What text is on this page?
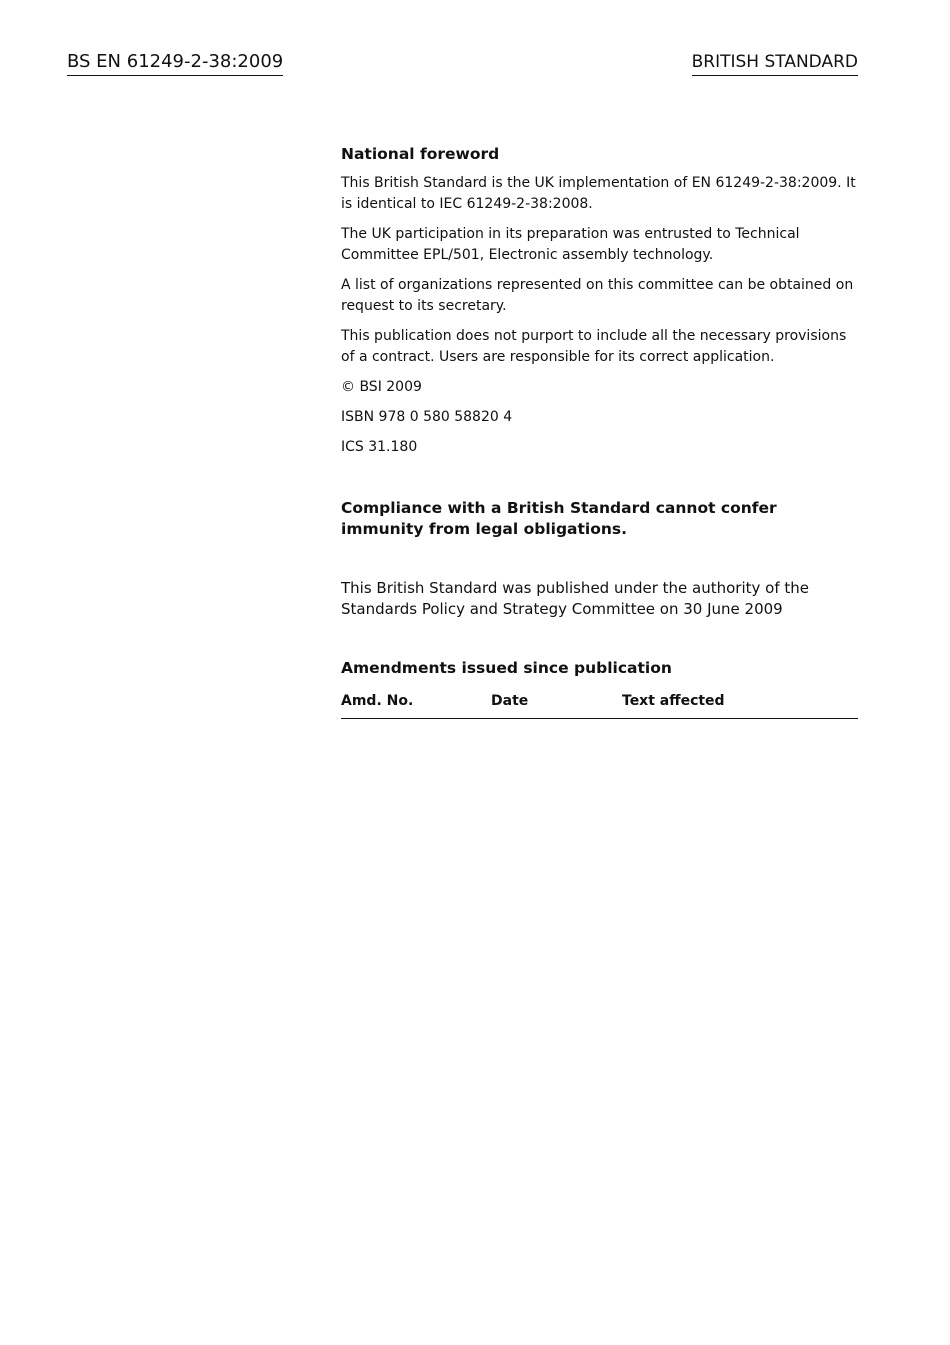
BS EN 61249-2-38:2009	BRITISH STANDARD
National foreword

This British Standard is the UK implementation of EN 61249-2-38:2009. It is identical to IEC 61249-2-38:2008.

The UK participation in its preparation was entrusted to Technical Committee EPL/501, Electronic assembly technology.

A list of organizations represented on this committee can be obtained on request to its secretary.

This publication does not purport to include all the necessary provisions of a contract. Users are responsible for its correct application.

© BSI 2009

ISBN 978 0 580 58820 4

ICS 31.180

Compliance with a British Standard cannot confer immunity from legal obligations.
This British Standard was published under the authority of the Standards Policy and Strategy Committee on 30 June 2009
Amendments issued since publication
Amd. No.	Date	Text affected
